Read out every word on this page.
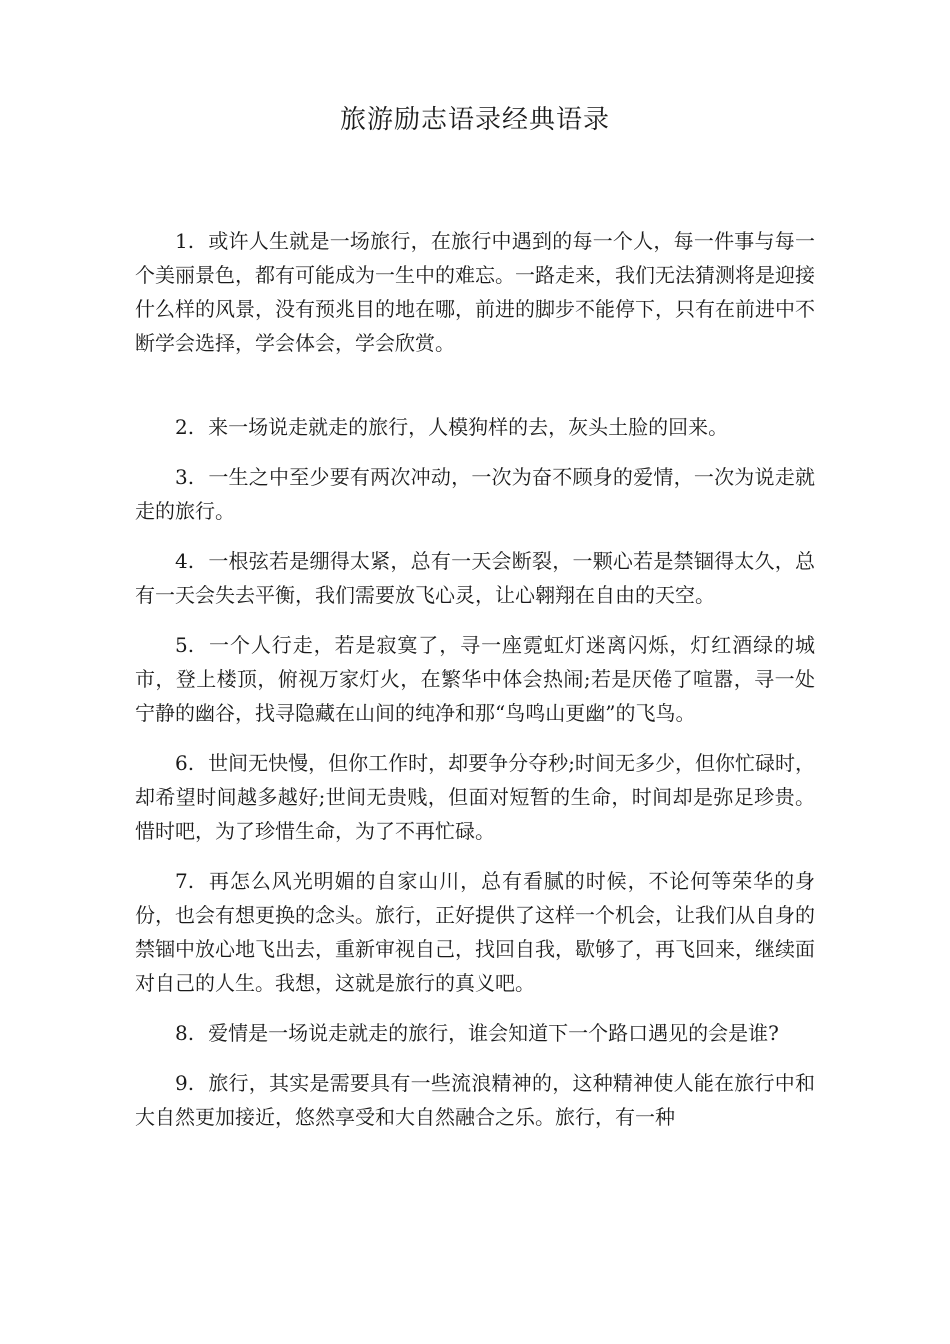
旅游励志语录经典语录

1. 或许人生就是一场旅行，在旅行中遇到的每一个人，每一件事与每一个美丽景色，都有可能成为一生中的难忘。一路走来，我们无法猜测将是迎接什么样的风景，没有预兆目的地在哪，前进的脚步不能停下，只有在前进中不断学会选择，学会体会，学会欣赏。

2. 来一场说走就走的旅行，人模狗样的去，灰头土脸的回来。

3. 一生之中至少要有两次冲动，一次为奋不顾身的爱情，一次为说走就走的旅行。

4. 一根弦若是绷得太紧，总有一天会断裂，一颗心若是禁锢得太久，总有一天会失去平衡，我们需要放飞心灵，让心翱翔在自由的天空。

5. 一个人行走，若是寂寞了，寻一座霓虹灯迷离闪烁，灯红酒绿的城市，登上楼顶，俯视万家灯火，在繁华中体会热闹;若是厌倦了喧嚣，寻一处宁静的幽谷，找寻隐藏在山间的纯净和那“鸟鸣山更幽”的飞鸟。

6. 世间无快慢，但你工作时，却要争分夺秒;时间无多少，但你忙碌时，却希望时间越多越好;世间无贵贱，但面对短暂的生命，时间却是弥足珍贵。惜时吧，为了珍惜生命，为了不再忙碌。

7. 再怎么风光明媚的自家山川，总有看腻的时候，不论何等荣华的身份，也会有想更换的念头。旅行，正好提供了这样一个机会，让我们从自身的禁锢中放心地飞出去，重新审视自己，找回自我，歇够了，再飞回来，继续面对自己的人生。我想，这就是旅行的真义吧。

8. 爱情是一场说走就走的旅行，谁会知道下一个路口遇见的会是谁?

9. 旅行，其实是需要具有一些流浪精神的，这种精神使人能在旅行中和大自然更加接近，悠然享受和大自然融合之乐。旅行，有一种
